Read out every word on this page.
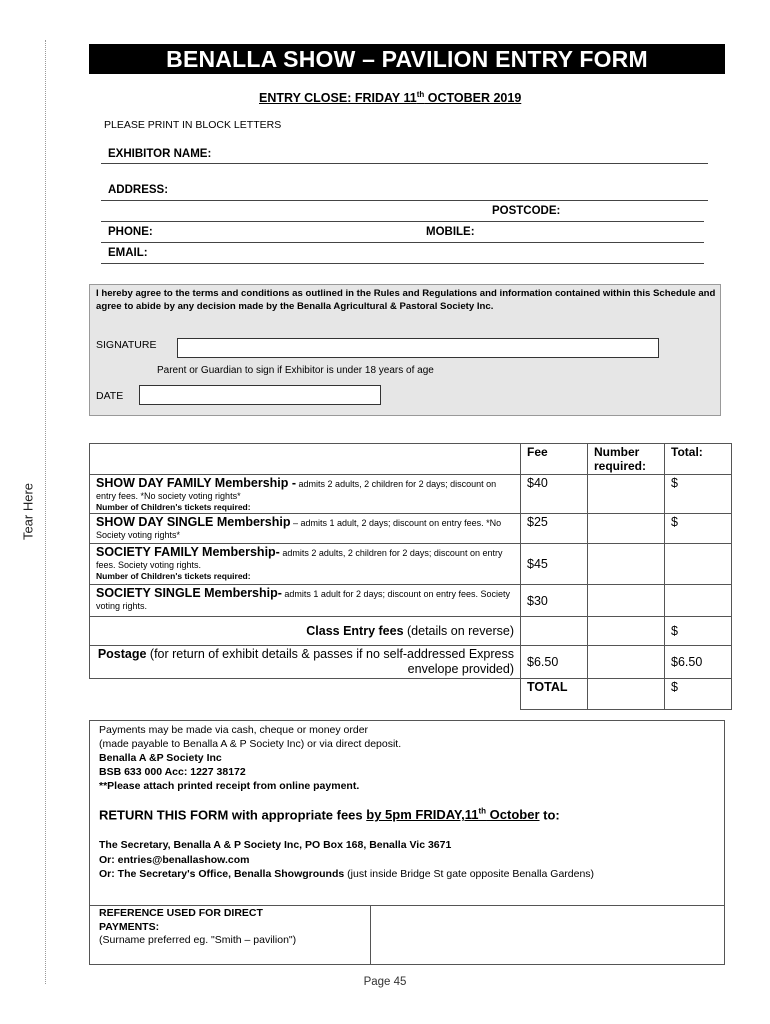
Tear Here
BENALLA SHOW – PAVILION ENTRY FORM
ENTRY CLOSE: FRIDAY 11th OCTOBER 2019
PLEASE PRINT IN BLOCK LETTERS
EXHIBITOR NAME:
ADDRESS:
POSTCODE:
PHONE:	MOBILE:
EMAIL:
I hereby agree to the terms and conditions as outlined in the Rules and Regulations and information contained within this Schedule and agree to abide by any decision made by the Benalla Agricultural & Pastoral Society Inc.
SIGNATURE
Parent or Guardian to sign if Exhibitor is under 18 years of age
DATE
	Fee	Number required:	Total:
SHOW DAY FAMILY Membership - admits 2 adults, 2 children for 2 days; discount on entry fees. *No society voting rights*
Number of Children's tickets required:	$40		$
SHOW DAY SINGLE Membership – admits 1 adult, 2 days; discount on entry fees. *No Society voting rights*	$25		$
SOCIETY FAMILY Membership- admits 2 adults, 2 children for 2 days; discount on entry fees. Society voting rights.
Number of Children's tickets required:	$45		
SOCIETY SINGLE Membership- admits 1 adult for 2 days; discount on entry fees. Society voting rights.	$30		
Class Entry fees (details on reverse)			$
Postage (for return of exhibit details & passes if no self-addressed Express envelope provided)	$6.50		$6.50
	TOTAL		$
Payments may be made via cash, cheque or money order
(made payable to Benalla A & P Society Inc) or via direct deposit.
Benalla A &P Society Inc
BSB 633 000 Acc: 1227 38172
**Please attach printed receipt from online payment.
RETURN THIS FORM with appropriate fees by 5pm FRIDAY,11th October to:
The Secretary, Benalla A & P Society Inc, PO Box 168, Benalla Vic 3671
Or: entries@benallashow.com
Or: The Secretary's Office, Benalla Showgrounds (just inside Bridge St gate opposite Benalla Gardens)
REFERENCE USED FOR DIRECT
PAYMENTS:
(Surname preferred eg. "Smith – pavilion")
Page 45
